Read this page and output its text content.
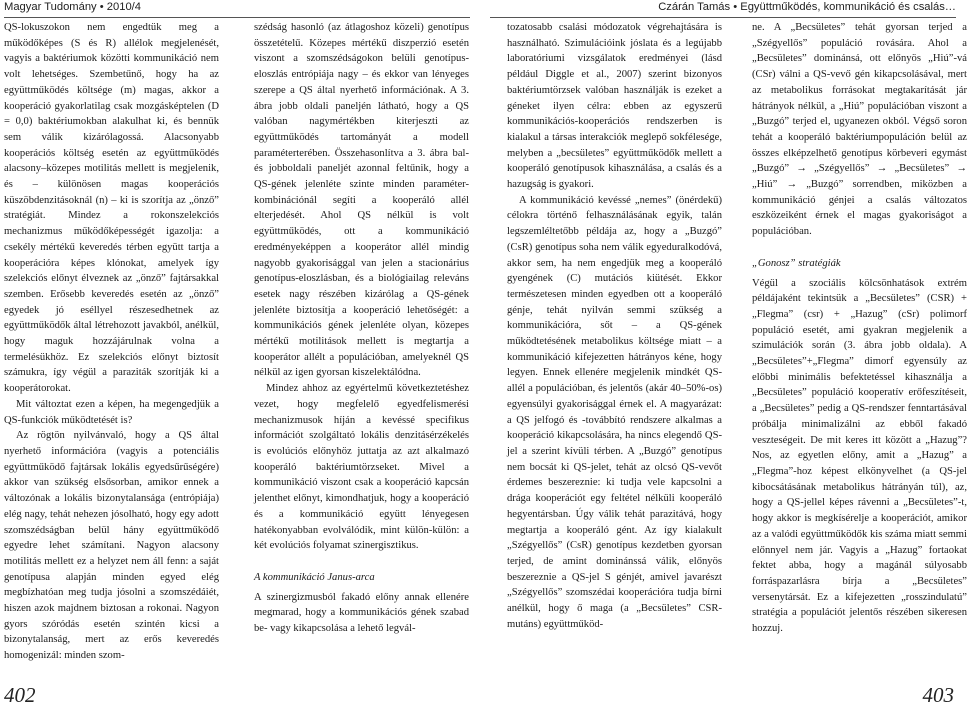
Magyar Tudomány • 2010/4	Czárán Tamás • Együttműködés, kommunikáció és csalás…

QS-lokuszokon nem engedtük meg a működőképes (S és R) allélok megjelenését, vagyis a baktériumok közötti kommunikáció nem volt lehetséges. Szembetűnő, hogy ha az együttműködés költsége (m) magas, akkor a kooperáció gyakorlatilag csak mozgásképtelen (D = 0,0) baktériumokban alakulhat ki, és bennük sem válik kizárólagossá. Alacsonyabb kooperációs költség esetén az együttműködés alacsony–közepes motilitás mellett is megjelenik, és – különösen magas kooperációs küszöbdenzitásoknál (n) – ki is szorítja az „önző” stratégiát. Mindez a rokonszelekciós mechanizmus működőképességét igazolja: a csekély mértékű keveredés térben együtt tartja a kooperációra képes klónokat, amelyek így szelekciós előnyt élveznek az „önző” fajtársakkal szemben. Erősebb keveredés esetén az „önző” egyedek jó eséllyel részesedhetnek az együttműködők által létrehozott javakból, anélkül, hogy maguk hozzájárulnak volna a termelésükhöz. Ez szelekciós előnyt biztosít számukra, így végül a paraziták szorítják ki a kooperátorokat.

Mit változtat ezen a képen, ha megengedjük a QS-funkciók működtetését is?

Az rögtön nyilvánvaló, hogy a QS által nyerhető információra (vagyis a potenciális együttműködő fajtársak lokális egyedsűrűségére) akkor van szükség elsősorban, amikor ennek a változónak a lokális bizonytalansága (entrópiája) elég nagy, tehát nehezen jósolható, hogy egy adott szomszédságban belül hány együttműködő egyedre lehet számítani. Nagyon alacsony motilitás mellett ez a helyzet nem áll fenn: a saját genotípusa alapján minden egyed elég megbízhatóan meg tudja jósolni a szomszédáiét, hiszen azok majdnem biztosan a rokonai. Nagyon gyors szóródás esetén szintén kicsi a bizonytalanság, mert az erős keveredés homogenizál: minden szom-

szédság hasonló (az átlagoshoz közeli) genotípus összetételű. Közepes mértékű diszperzió esetén viszont a szomszédságokon belüli genotípus-eloszlás entrópiája nagy – és ekkor van lényeges szerepe a QS által nyerhető információnak. A 3. ábra jobb oldali paneljén látható, hogy a QS valóban nagymértékben kiterjeszti az együttműködés tartományát a modell paraméterterében. Összehasonlítva a 3. ábra bal- és jobboldali paneljét azonnal feltűnik, hogy a QS-gének jelenléte szinte minden paraméter-kombinációnál segíti a kooperáló allél elterjedését. Ahol QS nélkül is volt együttműködés, ott a kommunikáció eredményeképpen a kooperátor allél mindig nagyobb gyakorisággal van jelen a stacionárius genotípus-eloszlásban, és a biológiailag releváns esetek nagy részében kizárólag a QS-gének jelenléte biztosítja a kooperáció lehetőségét: a kommunikációs gének jelenléte olyan, közepes mértékű motilitások mellett is megtartja a kooperátor allélt a populációban, amelyeknél QS nélkül az igen gyorsan kiszelektálódna.

Mindez ahhoz az egyértelmű következtetéshez vezet, hogy megfelelő egyedfelismerési mechanizmusok híján a kevéssé specifikus információt szolgáltató lokális denzitásérzékelés is evolúciós előnyhöz juttatja az azt alkalmazó kooperáló baktériumtörzseket. Mivel a kommunikáció viszont csak a kooperáció kapcsán jelenthet előnyt, kimondhatjuk, hogy a kooperáció és a kommunikáció együtt lényegesen hatékonyabban evolválódik, mint külön-külön: a két evolúciós folyamat szinergisztikus.

A kommunikáció Janus-arca

A szinergizmusból fakadó előny annak ellenére megmarad, hogy a kommunikációs gének szabad be- vagy kikapcsolása a lehető legvál-

tozatosabb csalási módozatok végrehajtására is használható. Szimulációink jóslata és a legújabb laboratóriumi vizsgálatok eredményei (lásd például Diggle et al., 2007) szerint bizonyos baktériumtörzsek valóban használják is ezeket a géneket ilyen célra: ebben az egyszerű kommunikációs-kooperációs rendszerben is kialakul a társas interakciók meglepő sokfélesége, melyben a „becsületes” együttműködők mellett a kooperáló genotípusok kihasználása, a csalás és a hazugság is gyakori.

A kommunikáció kevéssé „nemes” (önérdekű) célokra történő felhasználásának egyik, talán legszemléltetőbb példája az, hogy a „Buzgó” (CsR) genotípus soha nem válik egyeduralkodóvá, akkor sem, ha nem engedjük meg a kooperáló gyengének (C) mutációs kiütését. Ekkor természetesen minden egyedben ott a kooperáló génje, tehát nyilván semmi szükség a kommunikációra, sőt – a QS-gének működtetésének metabolikus költsége miatt – a kommunikáció kifejezetten hátrányos kéne, hogy legyen. Ennek ellenére megjelenik mindkét QS-allél a populációban, és jelentős (akár 40–50%-os) egyensúlyi gyakorisággal érnek el. A magyarázat: a QS jelfogó és -továbbító rendszere alkalmas a kooperáció kikapcsolására, ha nincs elegendő QS-jel a szerint kívüli térben. A „Buzgó” genotípus nem bocsát ki QS-jelet, tehát az olcsó QS-vevőt érdemes beszereznie: ki tudja vele kapcsolni a drága kooperációt egy feltétel nélküli kooperáló hegyentársban. Úgy válik tehát parazitává, hogy megtartja a kooperáló gént. Az így kialakult „Szégyellős” (CsR) genotípus kezdetben gyorsan terjed, de amint dominánssá válik, előnyös beszereznie a QS-jel S génjét, amivel javarészt „Szégyellős” szomszédai kooperációra tudja bírni anélkül, hogy ő maga (a „Becsületes” CSR-mutáns) együttműköd-

ne. A „Becsületes” tehát gyorsan terjed a „Szégyellős” populáció rovására. Ahol a „Becsületes” dominánsá, ott előnyös „Hiú”-vá (CSr) válni a QS-vevő gén kikapcsolásával, mert az metabolikus forrásokat megtakarítását jár hátrányok nélkül, a „Hiú” populációban viszont a „Buzgó” terjed el, ugyanezen okból. Végső soron tehát a kooperáló baktériumpopuláción belül az összes elképzelhető genotípus körbeveri egymást „Buzgó” → „Szégyellős” → „Becsületes” → „Hiú” → „Buzgó” sorrendben, miközben a kommunikáció génjei a csalás változatos eszközeiként érnek el magas gyakoriságot a populációban.

„Gonosz” stratégiák

Végül a szociális kölcsönhatások extrém példájaként tekintsük a „Becsületes” (CSR) + „Flegma” (csr) + „Hazug” (cSr) polimorf populáció esetét, ami gyakran megjelenik a szimulációk során (3. ábra jobb oldala). A „Becsületes”+„Flegma” dimorf egyensúly az előbbi minimális befektetéssel kihasználja a „Becsületes” populáció kooperatív erőfeszítéseit, a „Becsületes” pedig a QS-rendszer fenntartásával próbálja minimalizálni az ebből fakadó veszteségeit. De mit keres itt között a „Hazug”? Nos, az egyetlen előny, amit a „Hazug” a „Flegma”-hoz képest elkönyvelhet (a QS-jel kibocsátásának metabolikus hátrányán túl), az, hogy a QS-jellel képes rávenni a „Becsületes”-t, hogy akkor is megkísérelje a kooperációt, amikor az a valódi együttműködők kis száma miatt semmi előnnyel nem jár. Vagyis a „Hazug” fortaokat fektet abba, hogy a magánál súlyosabb forráspazarlásra bírja a „Becsületes” versenytársát. Ez a kifejezetten „rosszindulatú” stratégia a populációt jelentős részében sikeresen hozzuj.

402	403
